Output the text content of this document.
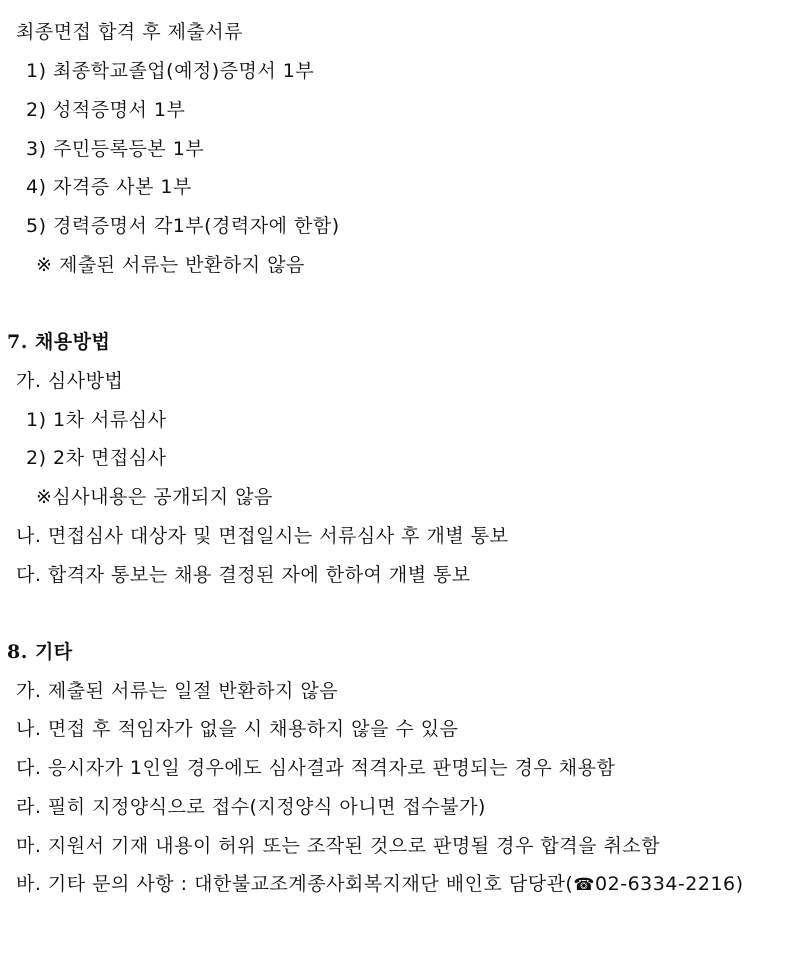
최종면접 합격 후 제출서류
1) 최종학교졸업(예정)증명서 1부
2) 성적증명서 1부
3) 주민등록등본 1부
4) 자격증 사본 1부
5) 경력증명서 각1부(경력자에 한함)
※ 제출된 서류는 반환하지 않음
7. 채용방법
가. 심사방법
1) 1차 서류심사
2) 2차 면접심사
※심사내용은 공개되지 않음
나. 면접심사 대상자 및 면접일시는 서류심사 후 개별 통보
다. 합격자 통보는 채용 결정된 자에 한하여 개별 통보
8. 기타
가. 제출된 서류는 일절 반환하지 않음
나. 면접 후 적임자가 없을 시 채용하지 않을 수 있음
다. 응시자가 1인일 경우에도 심사결과 적격자로 판명되는 경우 채용함
라. 필히 지정양식으로 접수(지정양식 아니면 접수불가)
마. 지원서 기재 내용이 허위 또는 조작된 것으로 판명될 경우 합격을 취소함
바. 기타 문의 사항 : 대한불교조계종사회복지재단 배인호 담당관(☎02-6334-2216)
